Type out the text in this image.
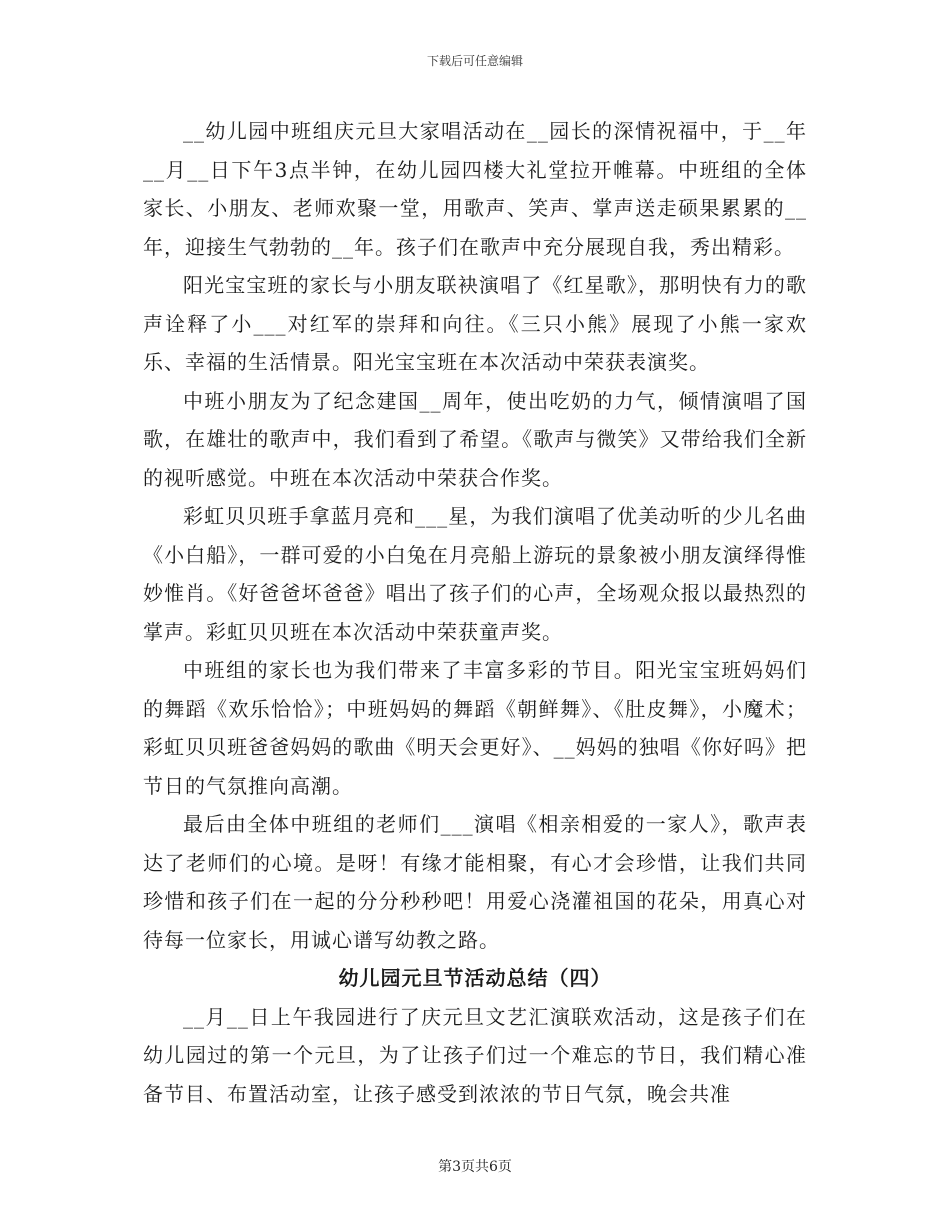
下载后可任意编辑

__幼儿园中班组庆元旦大家唱活动在__园长的深情祝福中，于__年__月__日下午3点半钟，在幼儿园四楼大礼堂拉开帷幕。中班组的全体家长、小朋友、老师欢聚一堂，用歌声、笑声、掌声送走硕果累累的__年，迎接生气勃勃的__年。孩子们在歌声中充分展现自我，秀出精彩。

阳光宝宝班的家长与小朋友联袂演唱了《红星歌》，那明快有力的歌声诠释了小___对红军的崇拜和向往。《三只小熊》展现了小熊一家欢乐、幸福的生活情景。阳光宝宝班在本次活动中荣获表演奖。

中班小朋友为了纪念建国__周年，使出吃奶的力气，倾情演唱了国歌，在雄壮的歌声中，我们看到了希望。《歌声与微笑》又带给我们全新的视听感觉。中班在本次活动中荣获合作奖。

彩虹贝贝班手拿蓝月亮和___星，为我们演唱了优美动听的少儿名曲《小白船》，一群可爱的小白兔在月亮船上游玩的景象被小朋友演绎得惟妙惟肖。《好爸爸坏爸爸》唱出了孩子们的心声，全场观众报以最热烈的掌声。彩虹贝贝班在本次活动中荣获童声奖。

中班组的家长也为我们带来了丰富多彩的节目。阳光宝宝班妈妈们的舞蹈《欢乐恰恰》；中班妈妈的舞蹈《朝鲜舞》、《肚皮舞》，小魔术；彩虹贝贝班爸爸妈妈的歌曲《明天会更好》、__妈妈的独唱《你好吗》把节日的气氛推向高潮。

最后由全体中班组的老师们___演唱《相亲相爱的一家人》，歌声表达了老师们的心境。是呀！有缘才能相聚，有心才会珍惜，让我们共同珍惜和孩子们在一起的分分秒秒吧！用爱心浇灌祖国的花朵，用真心对待每一位家长，用诚心谱写幼教之路。

幼儿园元旦节活动总结（四）

__月__日上午我园进行了庆元旦文艺汇演联欢活动，这是孩子们在幼儿园过的第一个元旦，为了让孩子们过一个难忘的节日，我们精心准备节目、布置活动室，让孩子感受到浓浓的节日气氛，晚会共准

第3页共6页
